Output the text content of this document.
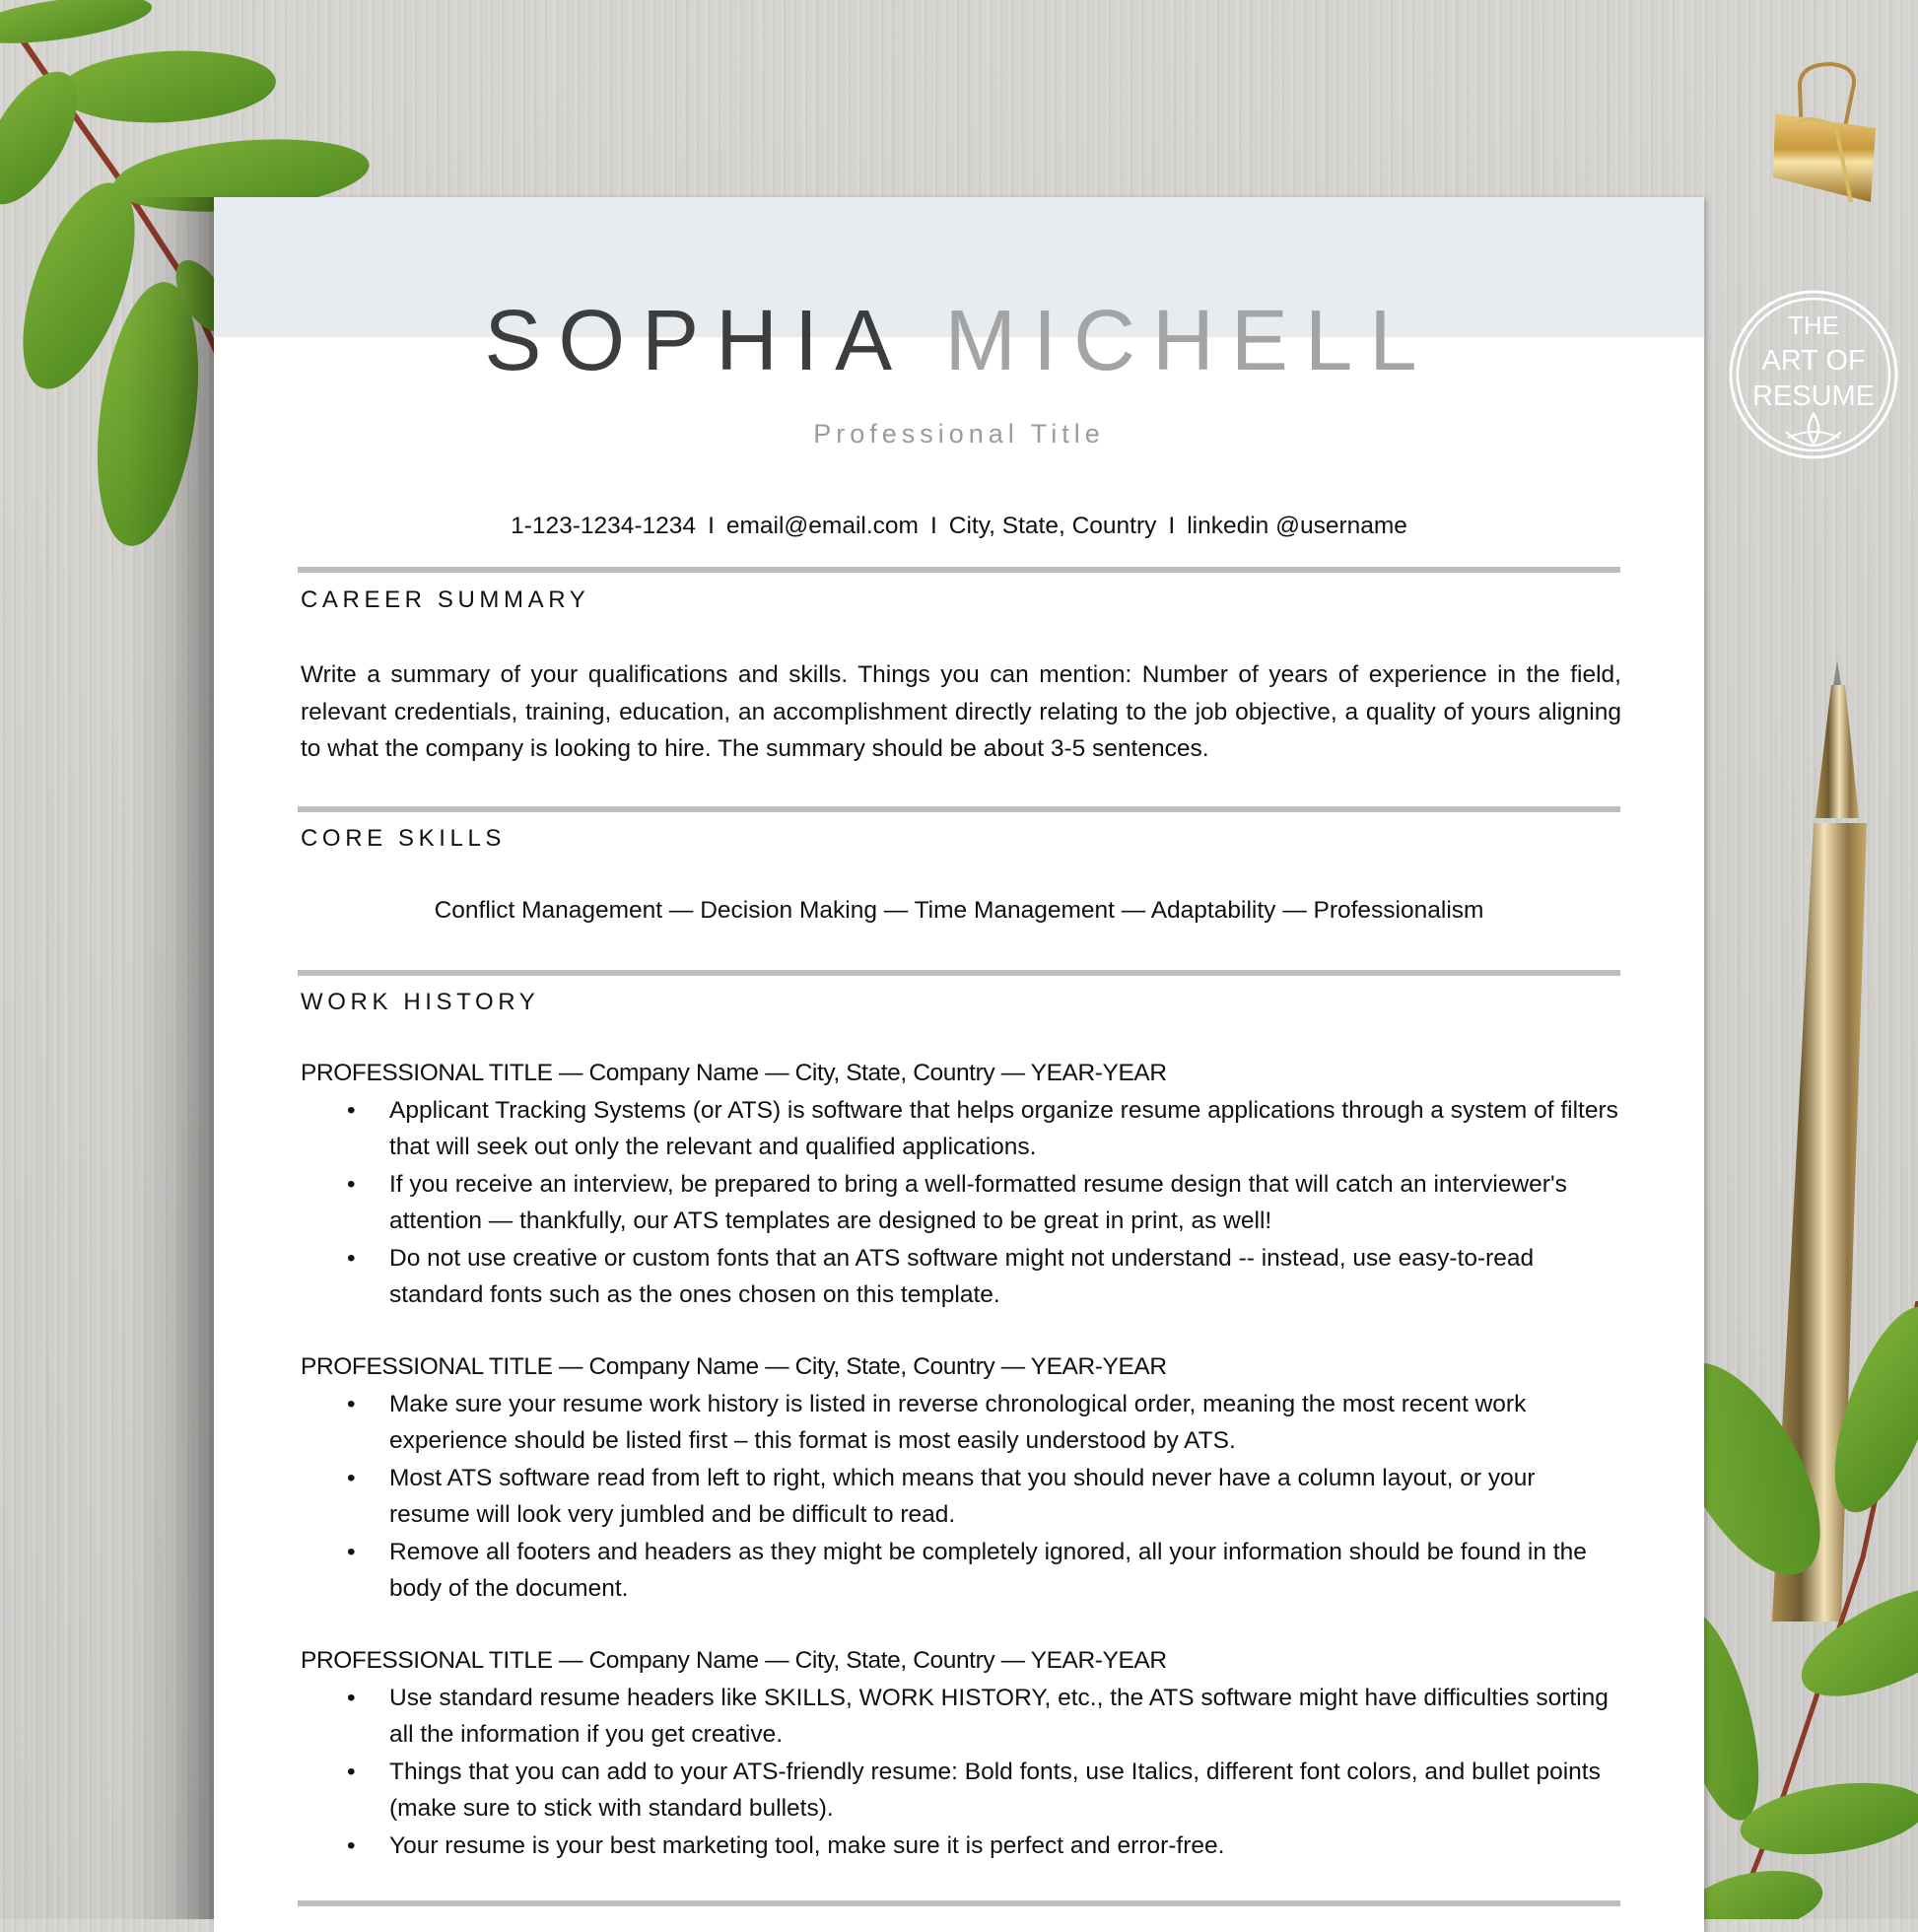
THE
ART OF
RESUME
SOPHIA MICHELL
Professional Title
1-123-1234-1234 I email@email.com I City, State, Country I linkedin @username
CAREER SUMMARY
Write a summary of your qualifications and skills. Things you can mention: Number of years of experience in the field, relevant credentials, training, education, an accomplishment directly relating to the job objective, a quality of yours aligning to what the company is looking to hire. The summary should be about 3-5 sentences.
CORE SKILLS
Conflict Management — Decision Making — Time Management — Adaptability — Professionalism
WORK HISTORY
PROFESSIONAL TITLE — Company Name — City, State, Country — YEAR-YEAR
• Applicant Tracking Systems (or ATS) is software that helps organize resume applications through a system of filters that will seek out only the relevant and qualified applications.
• If you receive an interview, be prepared to bring a well-formatted resume design that will catch an interviewer's attention — thankfully, our ATS templates are designed to be great in print, as well!
• Do not use creative or custom fonts that an ATS software might not understand -- instead, use easy-to-read standard fonts such as the ones chosen on this template.
PROFESSIONAL TITLE — Company Name — City, State, Country — YEAR-YEAR
• Make sure your resume work history is listed in reverse chronological order, meaning the most recent work experience should be listed first – this format is most easily understood by ATS.
• Most ATS software read from left to right, which means that you should never have a column layout, or your resume will look very jumbled and be difficult to read.
• Remove all footers and headers as they might be completely ignored, all your information should be found in the body of the document.
PROFESSIONAL TITLE — Company Name — City, State, Country — YEAR-YEAR
• Use standard resume headers like SKILLS, WORK HISTORY, etc., the ATS software might have difficulties sorting all the information if you get creative.
• Things that you can add to your ATS-friendly resume: Bold fonts, use Italics, different font colors, and bullet points (make sure to stick with standard bullets).
• Your resume is your best marketing tool, make sure it is perfect and error-free.
